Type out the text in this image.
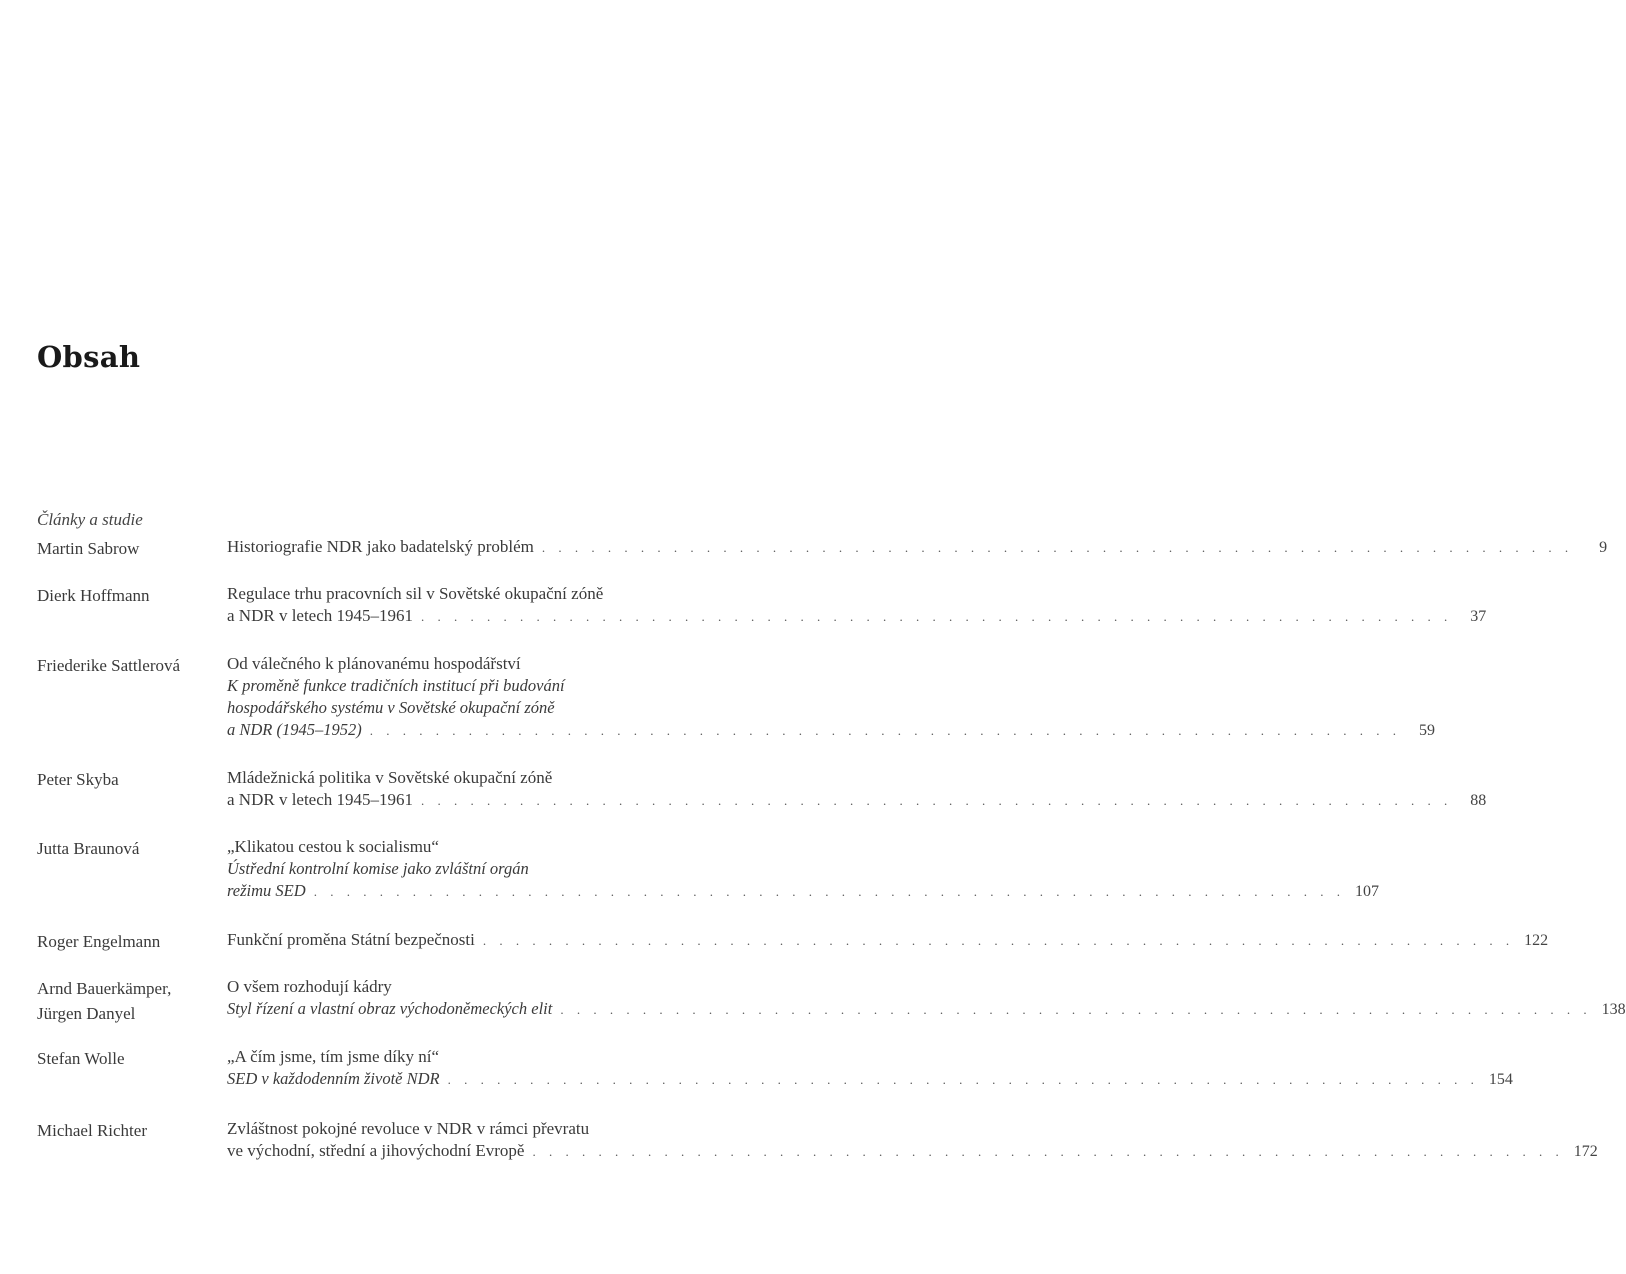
Obsah
Články a studie
Martin Sabrow	Historiografie NDR jako badatelský problém . . . . . . . . . . . . . . . . . . . . . . . . . . . . . . . . . . . . . . . . . . . . . . . . . . . . . . . . . . . . . . .	9
Dierk Hoffmann	Regulace trhu pracovních sil v Sovětské okupační zóně
a NDR v letech 1945–1961 . . . . . . . . . . . . . . . . . . . . . . . . . . . . . . . . . . . . . . . . . . . . . . . . . . . . . . . . . . . . . . .	37
Friederike Sattlerová	Od válečného k plánovanému hospodářství
K proměně funkce tradičních institucí při budování
hospodářského systému v Sovětské okupační zóně
a NDR (1945–1952) . . . . . . . . . . . . . . . . . . . . . . . . . . . . . . . . . . . . . . . . . . . . . . . . . . . . . . . . . . . . . . .	59
Peter Skyba	Mládežnická politika v Sovětské okupační zóně
a NDR v letech 1945–1961 . . . . . . . . . . . . . . . . . . . . . . . . . . . . . . . . . . . . . . . . . . . . . . . . . . . . . . . . . . . . . . .	88
Jutta Braunová	„Klikatou cestou k socialismu“
Ústřední kontrolní komise jako zvláštní orgán
režimu SED . . . . . . . . . . . . . . . . . . . . . . . . . . . . . . . . . . . . . . . . . . . . . . . . . . . . . . . . . . . . . . . 107
Roger Engelmann	Funkční proměna Státní bezpečnosti . . . . . . . . . . . . . . . . . . . . . . . . . . . . . . . . . . . . . . . . . . . . . . . . . . . . . . . . . . . . . . . 122
Arnd Bauerkämper,
Jürgen Danyel
O všem rozhodují kádry
Styl řízení a vlastní obraz východoněmeckých elit . . . . . . . . . . . . . . . . . . . . . . . . . . . . . . . . . . . . . . . . . . . . . . . . . . . . . . . . . . . . . . . 138
Stefan Wolle	„A čím jsme, tím jsme díky ní“
SED v každodenním životě NDR . . . . . . . . . . . . . . . . . . . . . . . . . . . . . . . . . . . . . . . . . . . . . . . . . . . . . . . . . . . . . . . 154
Michael Richter	Zvláštnost pokojné revoluce v NDR v rámci převratu
ve východní, střední a jihovýchodní Evropě . . . . . . . . . . . . . . . . . . . . . . . . . . . . . . . . . . . . . . . . . . . . . . . . . . . . . . . . . . . . . . . 172
